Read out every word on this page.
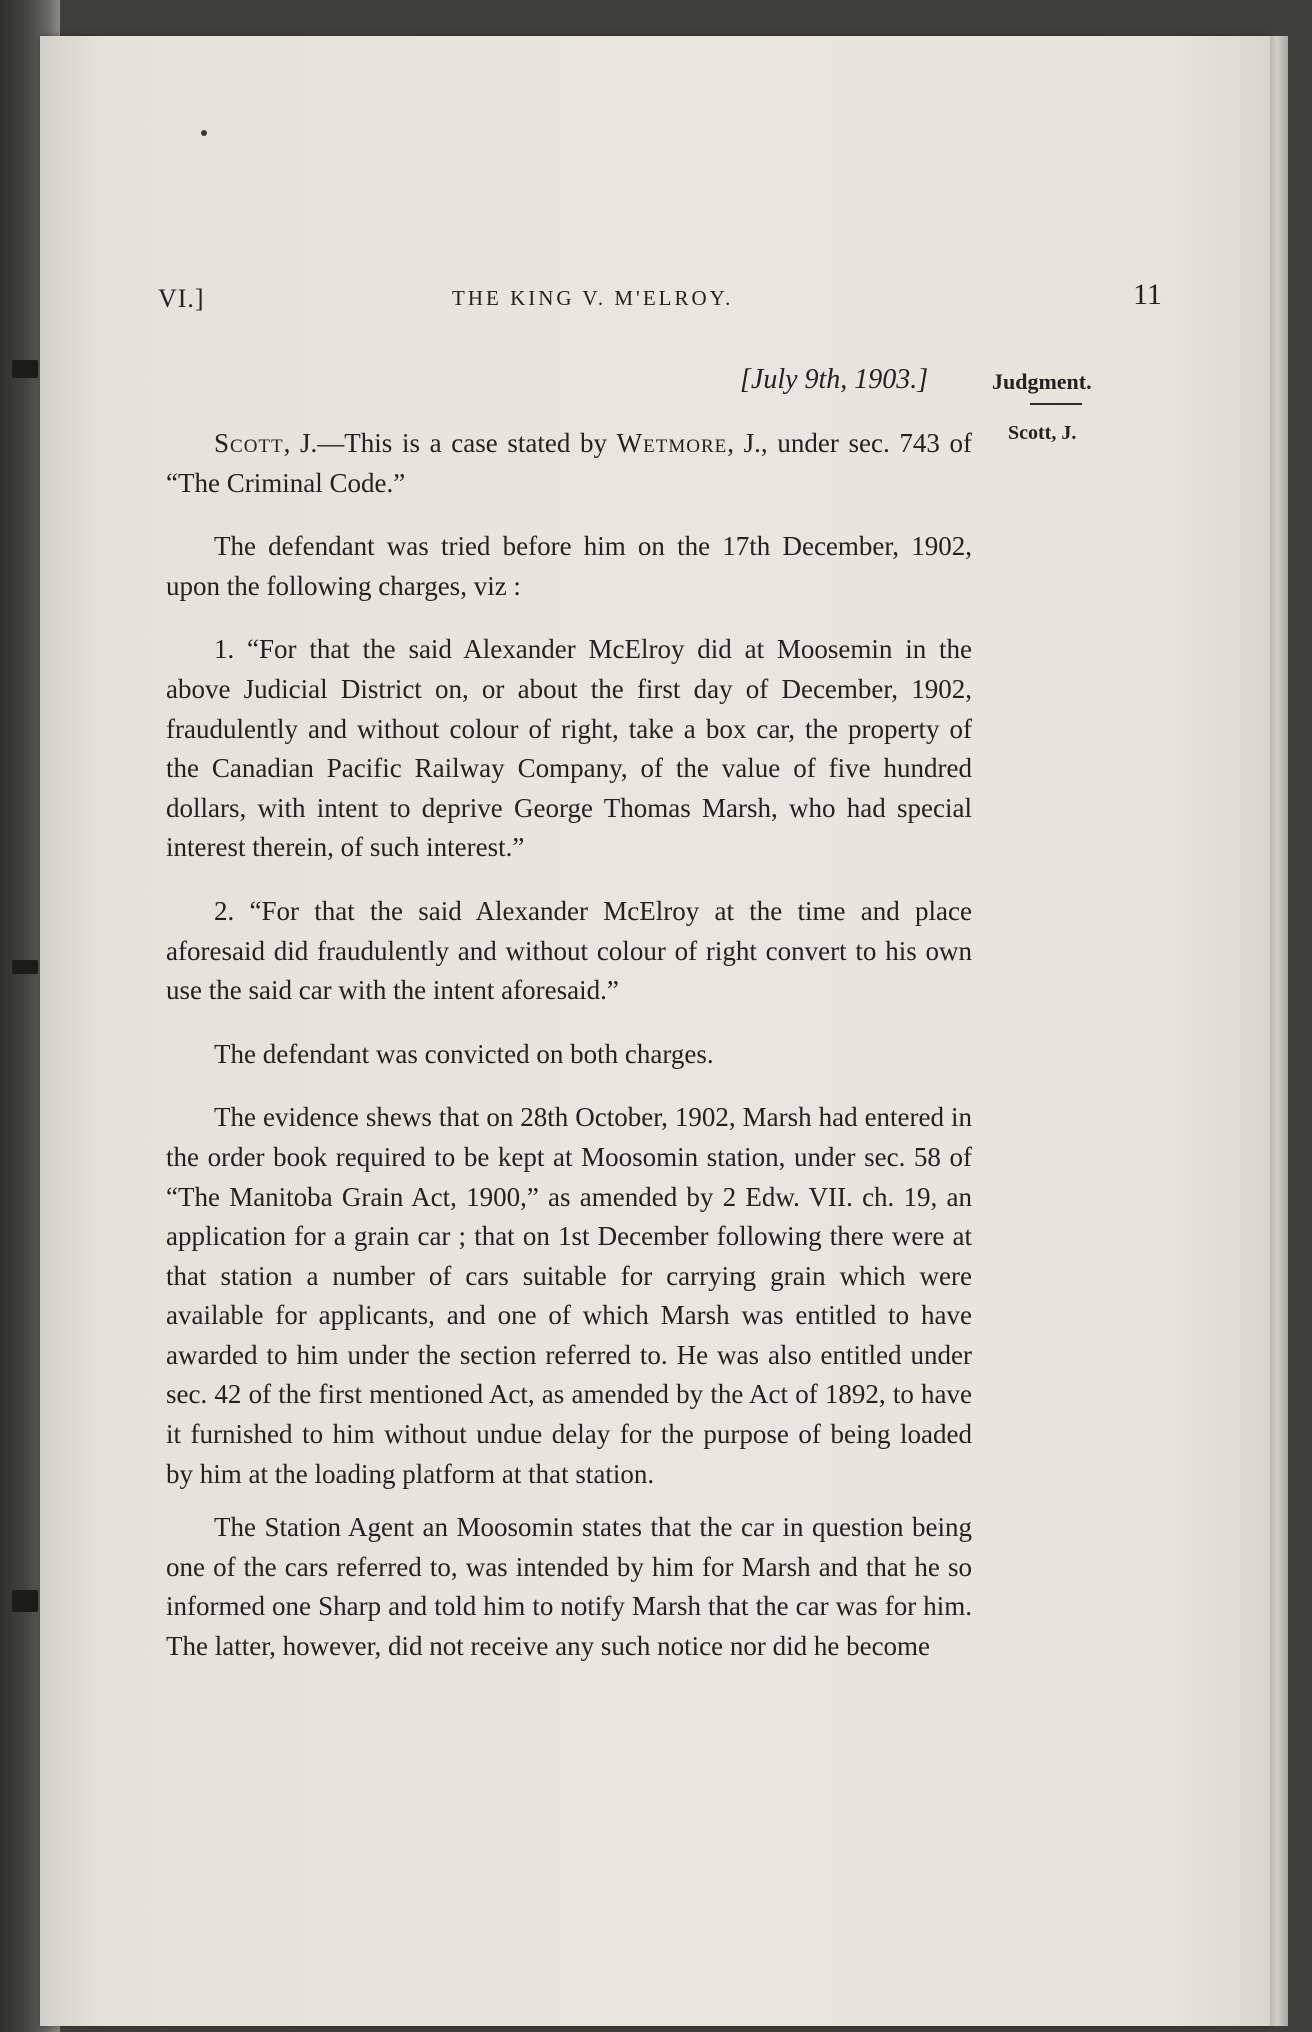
VI.]	THE KING V. M'ELROY.	11
[July 9th, 1903.]	Judgment.
Scott, J.

Scott, J.—This is a case stated by Wetmore, J., under sec. 743 of “The Criminal Code.”

The defendant was tried before him on the 17th December, 1902, upon the following charges, viz :

1. “For that the said Alexander McElroy did at Moosemin in the above Judicial District on, or about the first day of December, 1902, fraudulently and without colour of right, take a box car, the property of the Canadian Pacific Railway Company, of the value of five hundred dollars, with intent to deprive George Thomas Marsh, who had special interest therein, of such interest.”

2. “For that the said Alexander McElroy at the time and place aforesaid did fraudulently and without colour of right convert to his own use the said car with the intent aforesaid.”

The defendant was convicted on both charges.

The evidence shews that on 28th October, 1902, Marsh had entered in the order book required to be kept at Moosomin station, under sec. 58 of “The Manitoba Grain Act, 1900,” as amended by 2 Edw. VII. ch. 19, an application for a grain car ; that on 1st December following there were at that station a number of cars suitable for carrying grain which were available for applicants, and one of which Marsh was entitled to have awarded to him under the section referred to. He was also entitled under sec. 42 of the first mentioned Act, as amended by the Act of 1892, to have it furnished to him without undue delay for the purpose of being loaded by him at the loading platform at that station.

The Station Agent an Moosomin states that the car in question being one of the cars referred to, was intended by him for Marsh and that he so informed one Sharp and told him to notify Marsh that the car was for him. The latter, however, did not receive any such notice nor did he become
